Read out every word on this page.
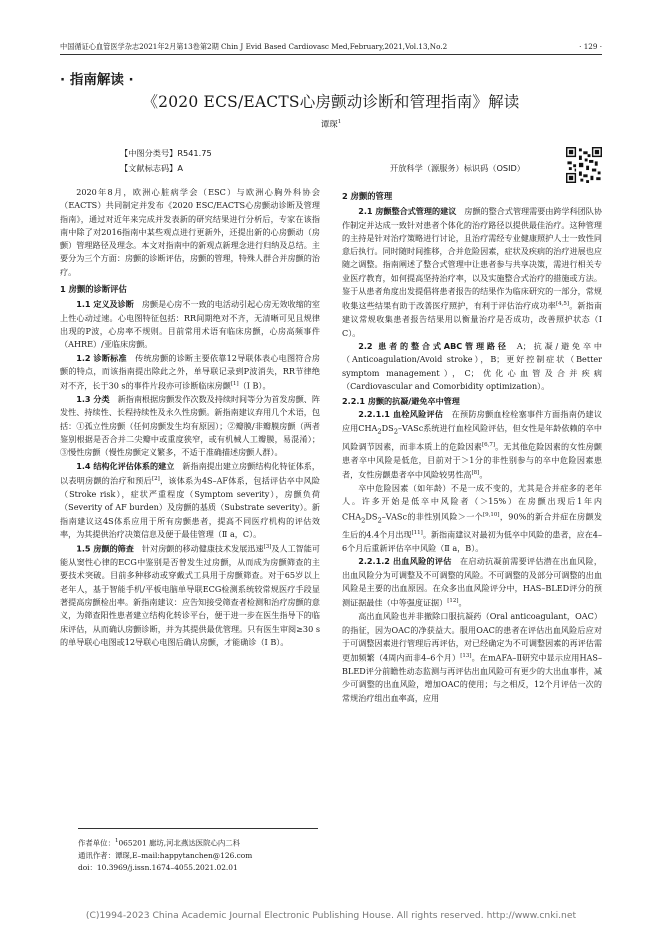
中国循证心血管医学杂志2021年2月第13卷第2期 Chin J Evid Based Cardiovasc Med,February,2021,Vol.13,No.2	· 129 ·
· 指南解读 ·
《2020 ECS/EACTS心房颤动诊断和管理指南》解读
谭琛$^1$
【中图分类号】R541.75
【文献标志码】A	开放科学（源服务）标识码（OSID）

2020年8月，欧洲心脏病学会（ESC）与欧洲心胸外科协会（EACTS）共同制定并发布《2020 ESC/EACTS心房颤动诊断及管理指南》，通过对近年来完成并发表新的研究结果进行分析后，专家在该指南中除了对2016指南中某些观点进行更新外，还提出新的心房颤动（房颤）管理路径及理念。本文对指南中的新观点新理念进行归纳及总结。主要分为三个方面：房颤的诊断评估，房颤的管理，特殊人群合并房颤的治疗。

1 房颤的诊断评估

1.1 定义及诊断  房颤是心房不一致的电活动引起心房无效收缩的室上性心动过速。心电图特征包括：RR间期绝对不齐，无清晰可见且规律出现的P波，心房率不规则。目前常用术语有临床房颤，心房高频事件（AHRE）/亚临床房颤。

1.2 诊断标准  传统房颤的诊断主要依靠12导联体表心电图符合房颤的特点，而该指南提出除此之外，单导联记录到P波消失，RR节律绝对不齐，长于30 s的事件片段亦可诊断临床房颤[1]（Ⅰ B）。

1.3 分类  新指南根据房颤发作次数及持续时间等分为首发房颤、阵发性、持续性、长程持续性及永久性房颤。新指南建议弃用几个术语，包括：①孤立性房颤（任何房颤发生均有原因）；②瓣膜/非瓣膜房颤（两者鉴别根据是否合并二尖瓣中或重度狭窄，或有机械人工瓣膜，易混淆）；③慢性房颤（慢性房颤定义繁多，不适于准确描述房颤人群）。

1.4 结构化评估体系的建立  新指南提出建立房颤结构化特征体系，以表明房颤的治疗和预后[2]，该体系为4S–AF体系，包括评估卒中风险（Stroke risk），症状严重程度（Symptom severity），房颤负荷（Severity of AF burden）及房颤的基质（Substrate severity）。新指南建议这4S体系应用于所有房颤患者，提高不同医疗机构的评估效率，为其提供治疗决策信息及便于最佳管理（Ⅱ a，C）。

1.5 房颤的筛查  针对房颤的移动健康技术发展迅速[3]及人工智能可能从窦性心律的ECG中鉴别是否曾发生过房颤，从而成为房颤筛查的主要技术突破。目前多种移动或穿戴式工具用于房颤筛查。对于65岁以上老年人，基于智能手机/平板电脑单导联ECG检测系统较常规医疗手段显著提高房颤检出率。新指南建议：应告知接受筛查者检测和治疗房颤的意义，为筛查阳性患者建立结构化转诊平台，便于进一步在医生指导下的临床评估，从而确认房颤诊断，并为其提供最优管理。只有医生审阅≥30 s的单导联心电图或12导联心电图后确认房颤，才能确诊（Ⅰ B）。

作者单位：$^1$065201 廊坊,河北燕达医院心内二科
通讯作者：谭琛,E–mail:happytanchen@126.com
doi：10.3969/j.issn.1674–4055.2021.02.01
2 房颤的管理

2.1 房颤整合式管理的建议  房颤的整合式管理需要由跨学科团队协作制定并达成一致针对患者个体化的治疗路径以提供最佳治疗。这种管理的主持是针对治疗策略进行讨论，且治疗需经专业健康照护人士一致性同意后执行。同时随时间推移，合并危险因素，症状及疾病的治疗进展也应随之调整。指南阐述了整合式管理中让患者参与共享决策，需进行相关专业医疗教育，如何提高坚持治疗率，以及实施整合式治疗的措施或方法。鉴于从患者角度出发提倡将患者报告的结果作为临床研究的一部分，常规收集这些结果有助于改善医疗照护，有利于评估治疗成功率[4,5]。新指南建议常规收集患者报告结果用以衡量治疗是否成功，改善照护状态（Ⅰ C）。

2.2 患者的整合式ABC管理路径  A；抗凝/避免卒中（Anticoagulation/Avoid stroke），B；更好控制症状（Better symptom management），C；优化心血管及合并疾病（Cardiovascular and Comorbidity optimization）。

2.2.1 房颤的抗凝/避免卒中管理

2.2.1.1 血栓风险评估  在预防房颤血栓栓塞事件方面指南仍建议应用$CHA_2DS_2$–VASc系统进行血栓风险评估，但女性是年龄依赖的卒中风险调节因素，而非本质上的危险因素[6,7]。无其他危险因素的女性房颤患者卒中风险是低危，目前对于＞1分的非性别参与的卒中危险因素患者，女性房颤患者卒中风险较男性高[8]。

卒中危险因素（如年龄）不是一成不变的，尤其是合并症多的老年人。许多开始是低卒中风险者（＞15%）在房颤出现后1年内$CHA_2DS_2$–VASc的非性别风险＞一个[9,10]，90%的新合并症在房颤发生后的4.4个月出现[11]。新指南建议对最初为低卒中风险的患者，应在4–6个月后重新评估卒中风险（Ⅱ a，B）。

2.2.1.2 出血风险的评估  在启动抗凝前需要评估潜在出血风险，出血风险分为可调整及不可调整的风险。不可调整的及部分可调整的出血风险是主要的出血原因。在众多出血风险评分中，HAS–BLED评分的预测证据最佳（中等强度证据）[12]。

高出血风险也并非撤除口服抗凝药（Oral anticoagulant，OAC）的指征，因为OAC的净获益大。服用OAC的患者在评估出血风险后应对于可调整因素进行管理后再评估，对已经确定为不可调整因素的再评估需更加频繁（4周内而非4–6个月）[13]。在mAFA–Ⅱ研究中显示应用HAS–BLED评分前瞻性动态监测与再评估出血风险可有更少的大出血事件，减少可调整的出血风险，增加OAC的使用；与之相反，12个月评估一次的常规治疗组出血率高，应用

(C)1994-2023 China Academic Journal Electronic Publishing House. All rights reserved. http://www.cnki.net
